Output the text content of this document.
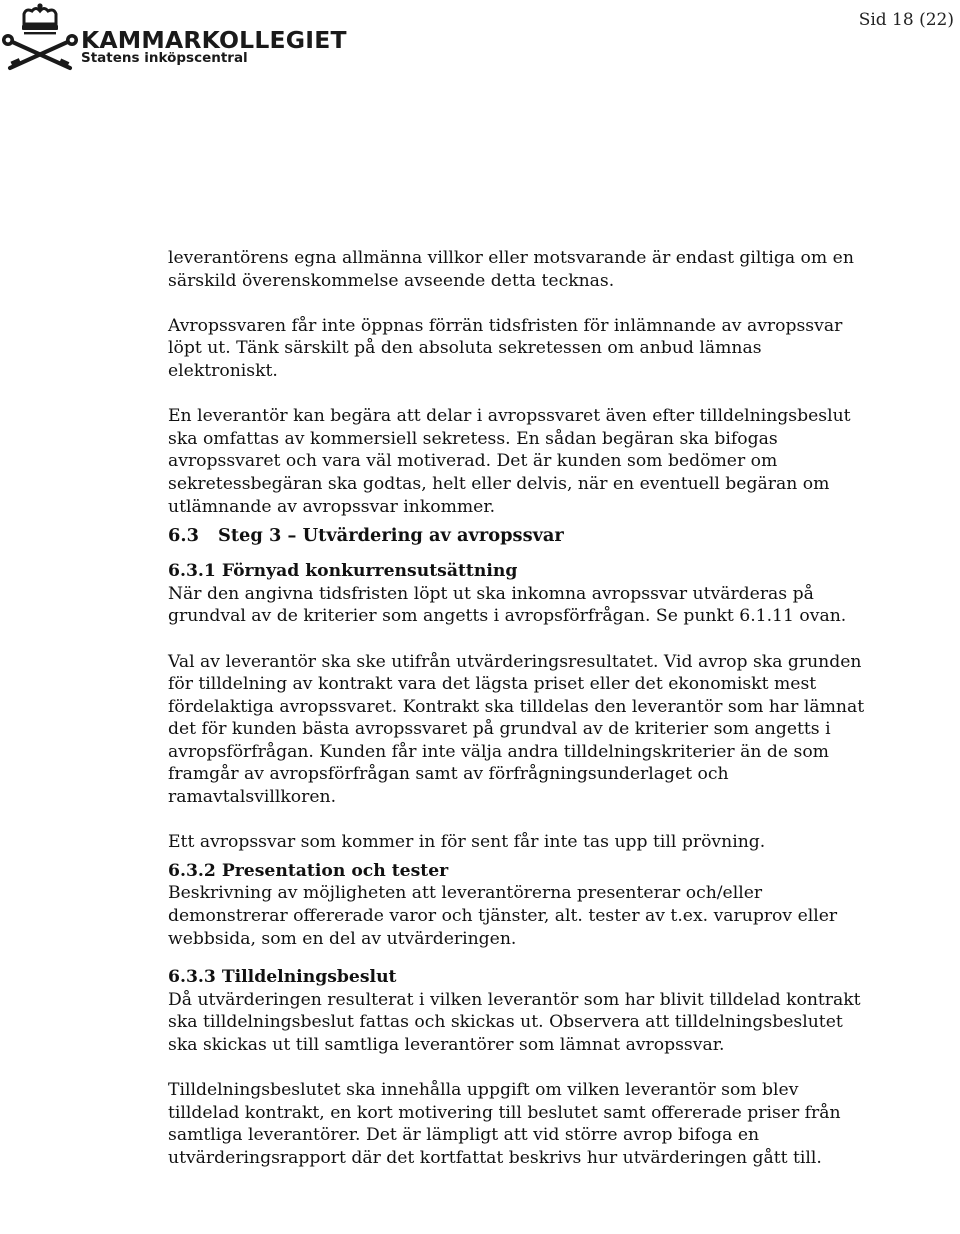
KAMMARKOLLEGIET
Statens inköpscentral
Sid 18 (22)

leverantörens egna allmänna villkor eller motsvarande är endast giltiga om en särskild överenskommelse avseende detta tecknas.

Avropssvaren får inte öppnas förrän tidsfristen för inlämnande av avropssvar löpt ut. Tänk särskilt på den absoluta sekretessen om anbud lämnas elektroniskt.

En leverantör kan begära att delar i avropssvaret även efter tilldelningsbeslut ska omfattas av kommersiell sekretess. En sådan begäran ska bifogas avropssvaret och vara väl motiverad. Det är kunden som bedömer om sekretessbegäran ska godtas, helt eller delvis, när en eventuell begäran om utlämnande av avropssvar inkommer.

6.3 Steg 3 – Utvärdering av avropssvar
6.3.1 Förnyad konkurrensutsättning

När den angivna tidsfristen löpt ut ska inkomna avropssvar utvärderas på grundval av de kriterier som angetts i avropsförfrågan. Se punkt 6.1.11 ovan.

Val av leverantör ska ske utifrån utvärderingsresultatet. Vid avrop ska grunden för tilldelning av kontrakt vara det lägsta priset eller det ekonomiskt mest fördelaktiga avropssvaret. Kontrakt ska tilldelas den leverantör som har lämnat det för kunden bästa avropssvaret på grundval av de kriterier som angetts i avropsförfrågan. Kunden får inte välja andra tilldelningskriterier än de som framgår av avropsförfrågan samt av förfrågningsunderlaget och ramavtalsvillkoren.

Ett avropssvar som kommer in för sent får inte tas upp till prövning.

6.3.2 Presentation och tester

Beskrivning av möjligheten att leverantörerna presenterar och/eller demonstrerar offererade varor och tjänster, alt. tester av t.ex. varuprov eller webbsida, som en del av utvärderingen.

6.3.3 Tilldelningsbeslut

Då utvärderingen resulterat i vilken leverantör som har blivit tilldelad kontrakt ska tilldelningsbeslut fattas och skickas ut. Observera att tilldelningsbeslutet ska skickas ut till samtliga leverantörer som lämnat avropssvar.

Tilldelningsbeslutet ska innehålla uppgift om vilken leverantör som blev tilldelad kontrakt, en kort motivering till beslutet samt offererade priser från samtliga leverantörer. Det är lämpligt att vid större avrop bifoga en utvärderingsrapport där det kortfattat beskrivs hur utvärderingen gått till.
